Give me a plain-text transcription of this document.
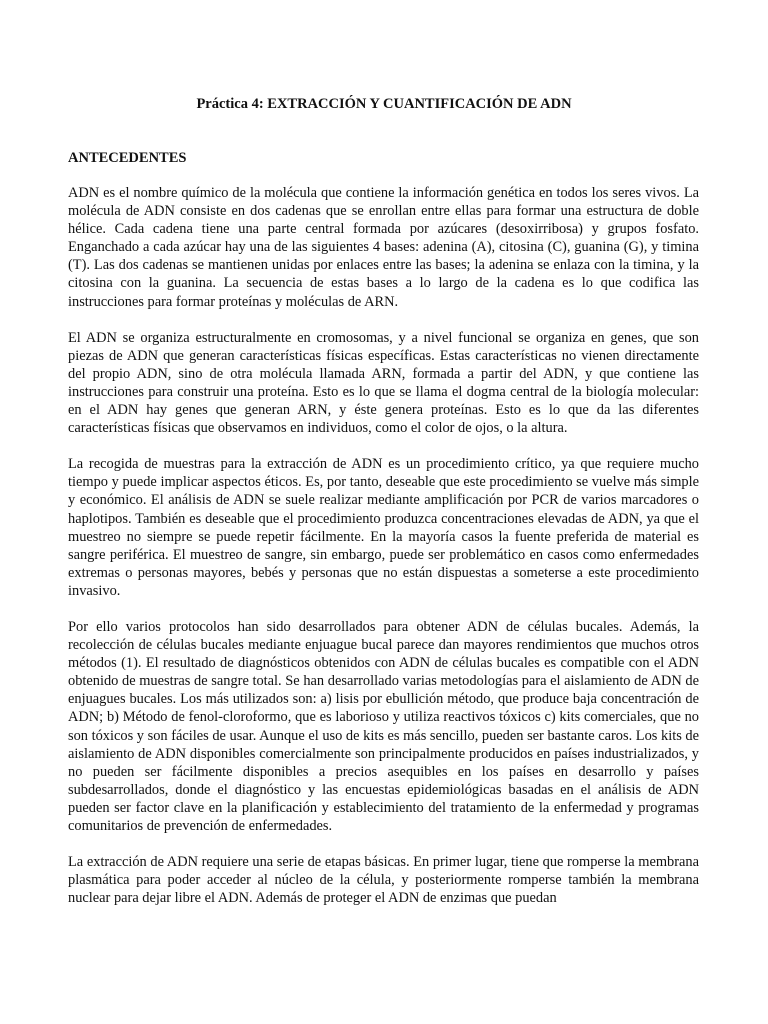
Práctica 4: EXTRACCIÓN Y CUANTIFICACIÓN DE ADN
ANTECEDENTES

ADN es el nombre químico de la molécula que contiene la información genética en todos los seres vivos. La molécula de ADN consiste en dos cadenas que se enrollan entre ellas para formar una estructura de doble hélice. Cada cadena tiene una parte central formada por azúcares (desoxirribosa) y grupos fosfato. Enganchado a cada azúcar hay una de las siguientes 4 bases: adenina (A), citosina (C), guanina (G), y timina (T). Las dos cadenas se mantienen unidas por enlaces entre las bases; la adenina se enlaza con la timina, y la citosina con la guanina. La secuencia de estas bases a lo largo de la cadena es lo que codifica las instrucciones para formar proteínas y moléculas de ARN.

El ADN se organiza estructuralmente en cromosomas, y a nivel funcional se organiza en genes, que son piezas de ADN que generan características físicas específicas. Estas características no vienen directamente del propio ADN, sino de otra molécula llamada ARN, formada a partir del ADN, y que contiene las instrucciones para construir una proteína. Esto es lo que se llama el dogma central de la biología molecular: en el ADN hay genes que generan ARN, y éste genera proteínas. Esto es lo que da las diferentes características físicas que observamos en individuos, como el color de ojos, o la altura.

La recogida de muestras para la extracción de ADN es un procedimiento crítico, ya que requiere mucho tiempo y puede implicar aspectos éticos. Es, por tanto, deseable que este procedimiento se vuelve más simple y económico. El análisis de ADN se suele realizar mediante amplificación por PCR de varios marcadores o haplotipos. También es deseable que el procedimiento produzca concentraciones elevadas de ADN, ya que el muestreo no siempre se puede repetir fácilmente. En la mayoría casos la fuente preferida de material es sangre periférica. El muestreo de sangre, sin embargo, puede ser problemático en casos como enfermedades extremas o personas mayores, bebés y personas que no están dispuestas a someterse a este procedimiento invasivo.

Por ello varios protocolos han sido desarrollados para obtener ADN de células bucales. Además, la recolección de células bucales mediante enjuague bucal parece dan mayores rendimientos que muchos otros métodos (1). El resultado de diagnósticos obtenidos con ADN de células bucales es compatible con el ADN obtenido de muestras de sangre total. Se han desarrollado varias metodologías para el aislamiento de ADN de enjuagues bucales. Los más utilizados son: a) lisis por ebullición método, que produce baja concentración de ADN; b) Método de fenol-cloroformo, que es laborioso y utiliza reactivos tóxicos c) kits comerciales, que no son tóxicos y son fáciles de usar. Aunque el uso de kits es más sencillo, pueden ser bastante caros. Los kits de aislamiento de ADN disponibles comercialmente son principalmente producidos en países industrializados, y no pueden ser fácilmente disponibles a precios asequibles en los países en desarrollo y países subdesarrollados, donde el diagnóstico y las encuestas epidemiológicas basadas en el análisis de ADN pueden ser factor clave en la planificación y establecimiento del tratamiento de la enfermedad y programas comunitarios de prevención de enfermedades.

La extracción de ADN requiere una serie de etapas básicas. En primer lugar, tiene que romperse la membrana plasmática para poder acceder al núcleo de la célula, y posteriormente romperse también la membrana nuclear para dejar libre el ADN. Además de proteger el ADN de enzimas que puedan
